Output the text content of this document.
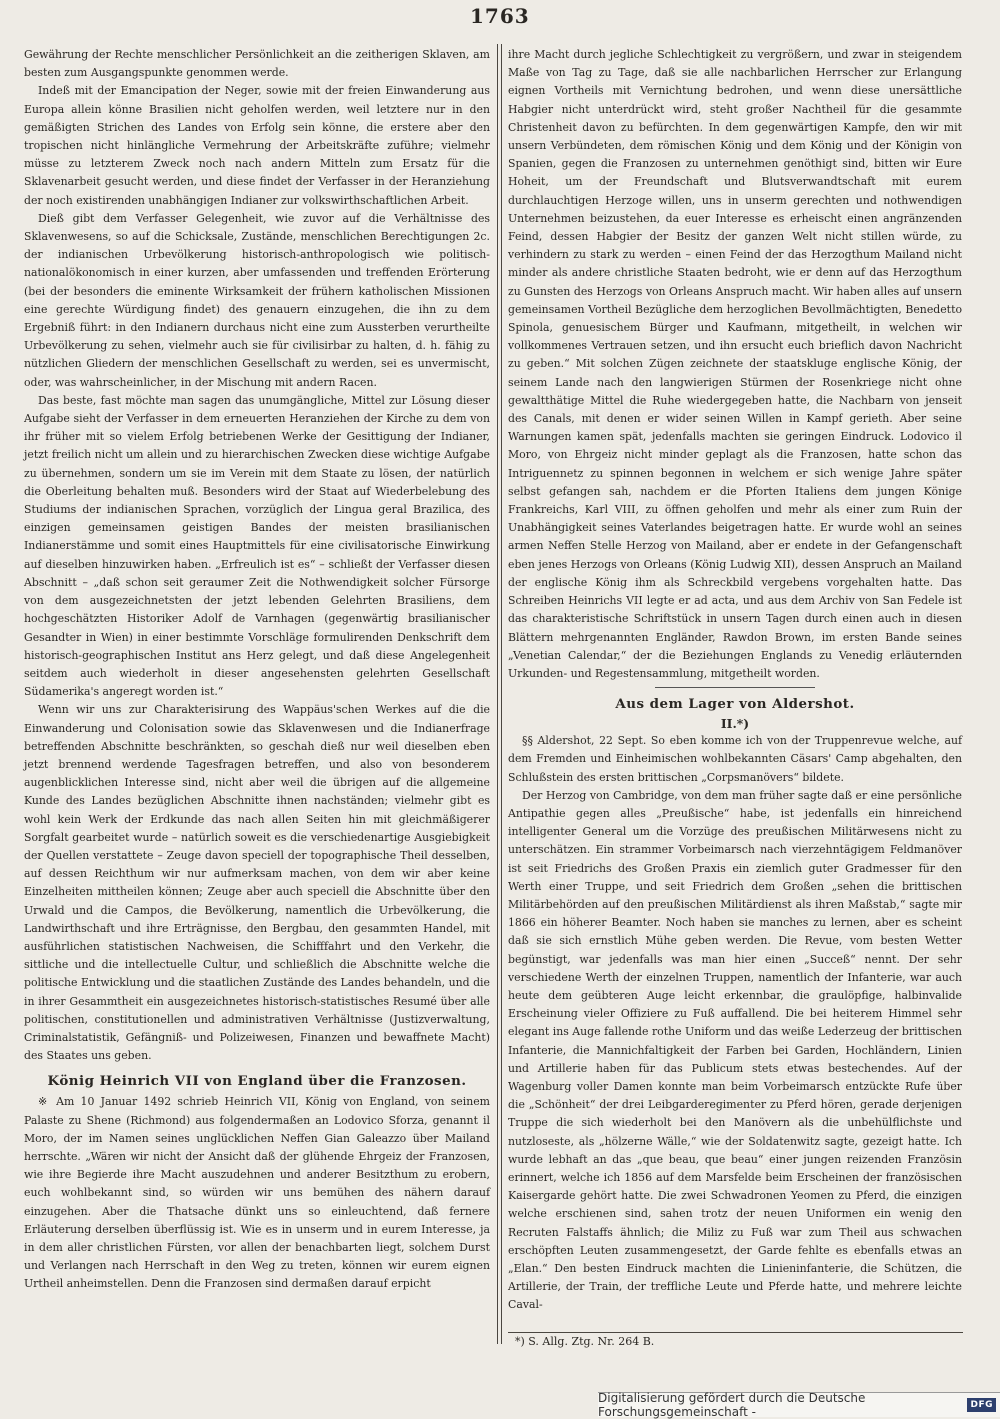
1763

Gewährung der Rechte menschlicher Persönlichkeit an die zeitherigen Sklaven, am besten zum Ausgangspunkte genommen werde.

Indeß mit der Emancipation der Neger, sowie mit der freien Einwanderung aus Europa allein könne Brasilien nicht geholfen werden, weil letztere nur in den gemäßigten Strichen des Landes von Erfolg sein könne, die erstere aber den tropischen nicht hinlängliche Vermehrung der Arbeitskräfte zuführe; vielmehr müsse zu letzterem Zweck noch nach andern Mitteln zum Ersatz für die Sklavenarbeit gesucht werden, und diese findet der Verfasser in der Heranziehung der noch existirenden unabhängigen Indianer zur volkswirthschaftlichen Arbeit.

Dieß gibt dem Verfasser Gelegenheit, wie zuvor auf die Verhältnisse des Sklavenwesens, so auf die Schicksale, Zustände, menschlichen Berechtigungen 2c. der indianischen Urbevölkerung historisch-anthropologisch wie politisch-nationalökonomisch in einer kurzen, aber umfassenden und treffenden Erörterung (bei der besonders die eminente Wirksamkeit der frühern katholischen Missionen eine gerechte Würdigung findet) des genauern einzugehen, die ihn zu dem Ergebniß führt: in den Indianern durchaus nicht eine zum Aussterben verurtheilte Urbevölkerung zu sehen, vielmehr auch sie für civilisirbar zu halten, d. h. fähig zu nützlichen Gliedern der menschlichen Gesellschaft zu werden, sei es unvermischt, oder, was wahrscheinlicher, in der Mischung mit andern Racen.

Das beste, fast möchte man sagen das unumgängliche, Mittel zur Lösung dieser Aufgabe sieht der Verfasser in dem erneuerten Heranziehen der Kirche zu dem von ihr früher mit so vielem Erfolg betriebenen Werke der Gesittigung der Indianer, jetzt freilich nicht um allein und zu hierarchischen Zwecken diese wichtige Aufgabe zu übernehmen, sondern um sie im Verein mit dem Staate zu lösen, der natürlich die Oberleitung behalten muß. Besonders wird der Staat auf Wiederbelebung des Studiums der indianischen Sprachen, vorzüglich der Lingua geral Brazilica, des einzigen gemeinsamen geistigen Bandes der meisten brasilianischen Indianerstämme und somit eines Hauptmittels für eine civilisatorische Einwirkung auf dieselben hinzuwirken haben. „Erfreulich ist es“ – schließt der Verfasser diesen Abschnitt – „daß schon seit geraumer Zeit die Nothwendigkeit solcher Fürsorge von dem ausgezeichnetsten der jetzt lebenden Gelehrten Brasiliens, dem hochgeschätzten Historiker Adolf de Varnhagen (gegenwärtig brasilianischer Gesandter in Wien) in einer bestimmte Vorschläge formulirenden Denkschrift dem historisch-geographischen Institut ans Herz gelegt, und daß diese Angelegenheit seitdem auch wiederholt in dieser angesehensten gelehrten Gesellschaft Südamerika's angeregt worden ist.“

Wenn wir uns zur Charakterisirung des Wappäus'schen Werkes auf die die Einwanderung und Colonisation sowie das Sklavenwesen und die Indianerfrage betreffenden Abschnitte beschränkten, so geschah dieß nur weil dieselben eben jetzt brennend werdende Tagesfragen betreffen, und also von besonderem augenblicklichen Interesse sind, nicht aber weil die übrigen auf die allgemeine Kunde des Landes bezüglichen Abschnitte ihnen nachständen; vielmehr gibt es wohl kein Werk der Erdkunde das nach allen Seiten hin mit gleichmäßigerer Sorgfalt gearbeitet wurde – natürlich soweit es die verschiedenartige Ausgiebigkeit der Quellen verstattete – Zeuge davon speciell der topographische Theil desselben, auf dessen Reichthum wir nur aufmerksam machen, von dem wir aber keine Einzelheiten mittheilen können; Zeuge aber auch speciell die Abschnitte über den Urwald und die Campos, die Bevölkerung, namentlich die Urbevölkerung, die Landwirthschaft und ihre Erträgnisse, den Bergbau, den gesammten Handel, mit ausführlichen statistischen Nachweisen, die Schifffahrt und den Verkehr, die sittliche und die intellectuelle Cultur, und schließlich die Abschnitte welche die politische Entwicklung und die staatlichen Zustände des Landes behandeln, und die in ihrer Gesammtheit ein ausgezeichnetes historisch-statistisches Resumé über alle politischen, constitutionellen und administrativen Verhältnisse (Justizverwaltung, Criminalstatistik, Gefängniß- und Polizeiwesen, Finanzen und bewaffnete Macht) des Staates uns geben.

König Heinrich VII von England über die Franzosen.

※ Am 10 Januar 1492 schrieb Heinrich VII, König von England, von seinem Palaste zu Shene (Richmond) aus folgendermaßen an Lodovico Sforza, genannt il Moro, der im Namen seines unglücklichen Neffen Gian Galeazzo über Mailand herrschte. „Wären wir nicht der Ansicht daß der glühende Ehrgeiz der Franzosen, wie ihre Begierde ihre Macht auszudehnen und anderer Besitzthum zu erobern, euch wohlbekannt sind, so würden wir uns bemühen des nähern darauf einzugehen. Aber die Thatsache dünkt uns so einleuchtend, daß fernere Erläuterung derselben überflüssig ist. Wie es in unserm und in eurem Interesse, ja in dem aller christlichen Fürsten, vor allen der benachbarten liegt, solchem Durst und Verlangen nach Herrschaft in den Weg zu treten, können wir eurem eignen Urtheil anheimstellen. Denn die Franzosen sind dermaßen darauf erpicht

ihre Macht durch jegliche Schlechtigkeit zu vergrößern, und zwar in steigendem Maße von Tag zu Tage, daß sie alle nachbarlichen Herrscher zur Erlangung eignen Vortheils mit Vernichtung bedrohen, und wenn diese unersättliche Habgier nicht unterdrückt wird, steht großer Nachtheil für die gesammte Christenheit davon zu befürchten. In dem gegenwärtigen Kampfe, den wir mit unsern Verbündeten, dem römischen König und dem König und der Königin von Spanien, gegen die Franzosen zu unternehmen genöthigt sind, bitten wir Eure Hoheit, um der Freundschaft und Blutsverwandtschaft mit eurem durchlauchtigen Herzoge willen, uns in unserm gerechten und nothwendigen Unternehmen beizustehen, da euer Interesse es erheischt einen angränzenden Feind, dessen Habgier der Besitz der ganzen Welt nicht stillen würde, zu verhindern zu stark zu werden – einen Feind der das Herzogthum Mailand nicht minder als andere christliche Staaten bedroht, wie er denn auf das Herzogthum zu Gunsten des Herzogs von Orleans Anspruch macht. Wir haben alles auf unsern gemeinsamen Vortheil Bezügliche dem herzoglichen Bevollmächtigten, Benedetto Spinola, genuesischem Bürger und Kaufmann, mitgetheilt, in welchen wir vollkommenes Vertrauen setzen, und ihn ersucht euch brieflich davon Nachricht zu geben.“ Mit solchen Zügen zeichnete der staatskluge englische König, der seinem Lande nach den langwierigen Stürmen der Rosenkriege nicht ohne gewaltthätige Mittel die Ruhe wiedergegeben hatte, die Nachbarn von jenseit des Canals, mit denen er wider seinen Willen in Kampf gerieth. Aber seine Warnungen kamen spät, jedenfalls machten sie geringen Eindruck. Lodovico il Moro, von Ehrgeiz nicht minder geplagt als die Franzosen, hatte schon das Intriguennetz zu spinnen begonnen in welchem er sich wenige Jahre später selbst gefangen sah, nachdem er die Pforten Italiens dem jungen Könige Frankreichs, Karl VIII, zu öffnen geholfen und mehr als einer zum Ruin der Unabhängigkeit seines Vaterlandes beigetragen hatte. Er wurde wohl an seines armen Neffen Stelle Herzog von Mailand, aber er endete in der Gefangenschaft eben jenes Herzogs von Orleans (König Ludwig XII), dessen Anspruch an Mailand der englische König ihm als Schreckbild vergebens vorgehalten hatte. Das Schreiben Heinrichs VII legte er ad acta, und aus dem Archiv von San Fedele ist das charakteristische Schriftstück in unsern Tagen durch einen auch in diesen Blättern mehrgenannten Engländer, Rawdon Brown, im ersten Bande seines „Venetian Calendar,“ der die Beziehungen Englands zu Venedig erläuternden Urkunden- und Regestensammlung, mitgetheilt worden.

Aus dem Lager von Aldershot.
II.*)

§§ Aldershot, 22 Sept. So eben komme ich von der Truppenrevue welche, auf dem Fremden und Einheimischen wohlbekannten Cäsars' Camp abgehalten, den Schlußstein des ersten brittischen „Corpsmanövers“ bildete.

Der Herzog von Cambridge, von dem man früher sagte daß er eine persönliche Antipathie gegen alles „Preußische“ habe, ist jedenfalls ein hinreichend intelligenter General um die Vorzüge des preußischen Militärwesens nicht zu unterschätzen. Ein strammer Vorbeimarsch nach vierzehntägigem Feldmanöver ist seit Friedrichs des Großen Praxis ein ziemlich guter Gradmesser für den Werth einer Truppe, und seit Friedrich dem Großen „sehen die brittischen Militärbehörden auf den preußischen Militärdienst als ihren Maßstab,“ sagte mir 1866 ein höherer Beamter. Noch haben sie manches zu lernen, aber es scheint daß sie sich ernstlich Mühe geben werden. Die Revue, vom besten Wetter begünstigt, war jedenfalls was man hier einen „Succeß“ nennt. Der sehr verschiedene Werth der einzelnen Truppen, namentlich der Infanterie, war auch heute dem geübteren Auge leicht erkennbar, die graulöpfige, halbinvalide Erscheinung vieler Offiziere zu Fuß auffallend. Die bei heiterem Himmel sehr elegant ins Auge fallende rothe Uniform und das weiße Lederzeug der brittischen Infanterie, die Mannichfaltigkeit der Farben bei Garden, Hochländern, Linien und Artillerie haben für das Publicum stets etwas bestechendes. Auf der Wagenburg voller Damen konnte man beim Vorbeimarsch entzückte Rufe über die „Schönheit“ der drei Leibgarderegimenter zu Pferd hören, gerade derjenigen Truppe die sich wiederholt bei den Manövern als die unbehülflichste und nutzloseste, als „hölzerne Wälle,“ wie der Soldatenwitz sagte, gezeigt hatte. Ich wurde lebhaft an das „que beau, que beau“ einer jungen reizenden Französin erinnert, welche ich 1856 auf dem Marsfelde beim Erscheinen der französischen Kaisergarde gehört hatte. Die zwei Schwadronen Yeomen zu Pferd, die einzigen welche erschienen sind, sahen trotz der neuen Uniformen ein wenig den Recruten Falstaffs ähnlich; die Miliz zu Fuß war zum Theil aus schwachen erschöpften Leuten zusammengesetzt, der Garde fehlte es ebenfalls etwas an „Elan.“ Den besten Eindruck machten die Linieninfanterie, die Schützen, die Artillerie, der Train, der treffliche Leute und Pferde hatte, und mehrere leichte Caval-

*) S. Allg. Ztg. Nr. 264 B.
Digitalisierung gefördert durch die Deutsche Forschungsgemeinschaft -	DFG
